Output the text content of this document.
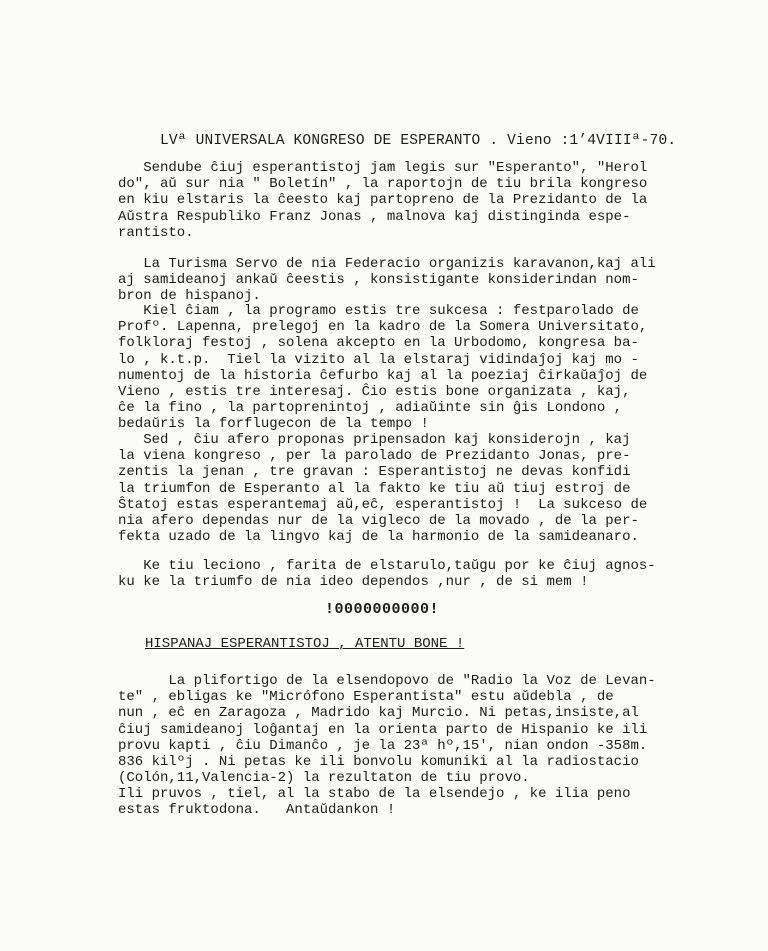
LVª UNIVERSALA KONGRESO DE ESPERANTO . Vieno :1’4VIIIª-70.

Sendube ĉiuj esperantistoj jam legis sur "Esperanto", "Herol
do", aŭ sur nia " Boletín" , la raportojn de tiu brila kongreso
en kiu elstaris la ĉeesto kaj partopreno de la Prezidanto de la
Aŭstra Respubliko Franz Jonas , malnova kaj distinginda espe-
rantisto.

La Turisma Servo de nia Federacio organizis karavanon,kaj ali
aj samideanoj ankaŭ ĉeestis , konsistigante konsiderindan nom-
bron de hispanoj.

Kiel ĉiam , la programo estis tre sukcesa : festparolado de
Profº. Lapenna, prelegoj en la kadro de la Somera Universitato,
folkloraj festoj , solena akcepto en la Urbodomo, kongresa ba-
lo , k.t.p.  Tiel la vizito al la elstaraj vidindaĵoj kaj mo -
numentoj de la historia ĉefurbo kaj al la poeziaj ĉirkaŭaĵoj de
Vieno , estis tre interesaj. Ĉio estis bone organizata , kaj,
ĉe la fino , la partoprenintoj , adiaŭinte sin ĝis Londono ,
bedaŭris la forflugecon de la tempo !

Sed , ĉiu afero proponas pripensadon kaj konsiderojn , kaj
la viena kongreso , per la parolado de Prezidanto Jonas, pre-
zentis la jenan , tre gravan : Esperantistoj ne devas konfidi
la triumfon de Esperanto al la fakto ke tiu aŭ tiuj estroj de
Ŝtatoj estas esperantemaj aŭ,eĉ, esperantistoj !  La sukceso de
nia afero dependas nur de la vigleco de la movado , de la per-
fekta uzado de la lingvo kaj de la harmonio de la samideanaro.

Ke tiu leciono , farita de elstarulo,taŭgu por ke ĉiuj agnos-
ku ke la triumfo de nia ideo dependos ,nur , de si mem !

!0000000000!
HISPANAJ ESPERANTISTOJ , ATENTU BONE !

La plifortigo de la elsendopovo de "Radio la Voz de Levan-
te" , ebligas ke "Micrófono Esperantista" estu aŭdebla , de
nun , eĉ en Zaragoza , Madrido kaj Murcio. Ni petas,insiste,al
ĉiuj samideanoj loĝantaj en la orienta parto de Hispanio ke ili
provu kapti , ĉiu Dimanĉo , je la 23ª hº,15', nian ondon -358m.
836 kilºj . Ni petas ke ili bonvolu komuniki al la radiostacio
(Colón,11,Valencia-2) la rezultaton de tiu provo.

Ili pruvos , tiel, al la stabo de la elsendejo , ke ilia peno
estas fruktodona.   Antaŭdankon !
